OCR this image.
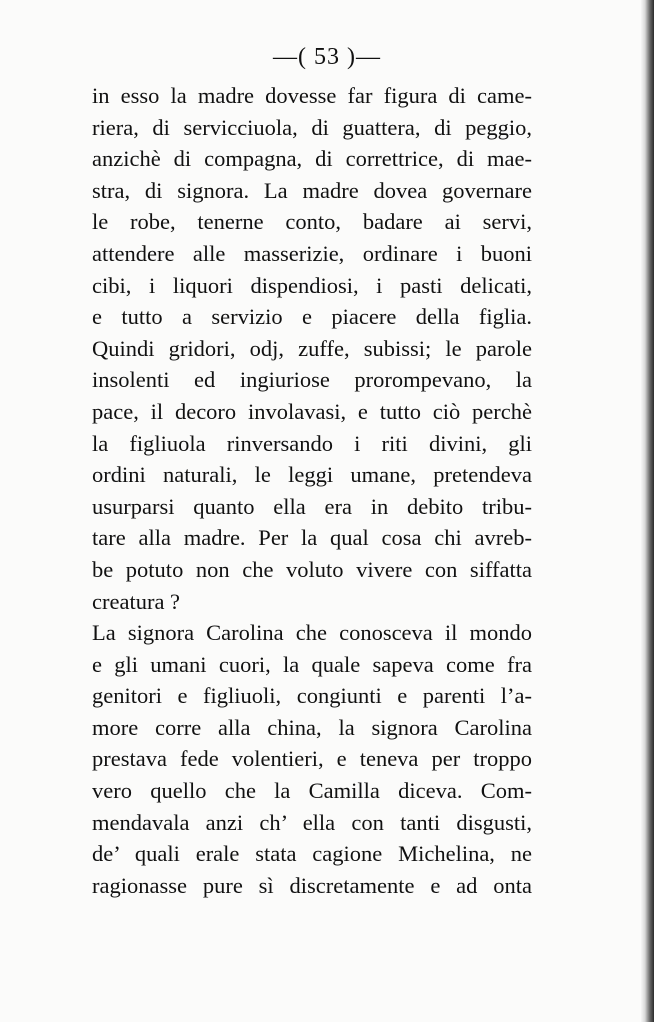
—( 53 )—
in esso la madre dovesse far figura di came-
riera, di servicciuola, di guattera, di peggio,
anzichè di compagna, di correttrice, di mae-
stra, di signora. La madre dovea governare
le robe, tenerne conto, badare ai servi,
attendere alle masserizie, ordinare i buoni
cibi, i liquori dispendiosi, i pasti delicati,
e tutto a servizio e piacere della figlia.
Quindi gridori, odj, zuffe, subissi; le parole
insolenti ed ingiuriose prorompevano, la
pace, il decoro involavasi, e tutto ciò perchè
la figliuola rinversando i riti divini, gli
ordini naturali, le leggi umane, pretendeva
usurparsi quanto ella era in debito tribu-
tare alla madre. Per la qual cosa chi avreb-
be potuto non che voluto vivere con siffatta
creatura ?
La signora Carolina che conosceva il mondo
e gli umani cuori, la quale sapeva come fra
genitori e figliuoli, congiunti e parenti l’a-
more corre alla china, la signora Carolina
prestava fede volentieri, e teneva per troppo
vero quello che la Camilla diceva. Com-
mendavala anzi ch’ ella con tanti disgusti,
de’ quali erale stata cagione Michelina, ne
ragionasse pure sì discretamente e ad onta
